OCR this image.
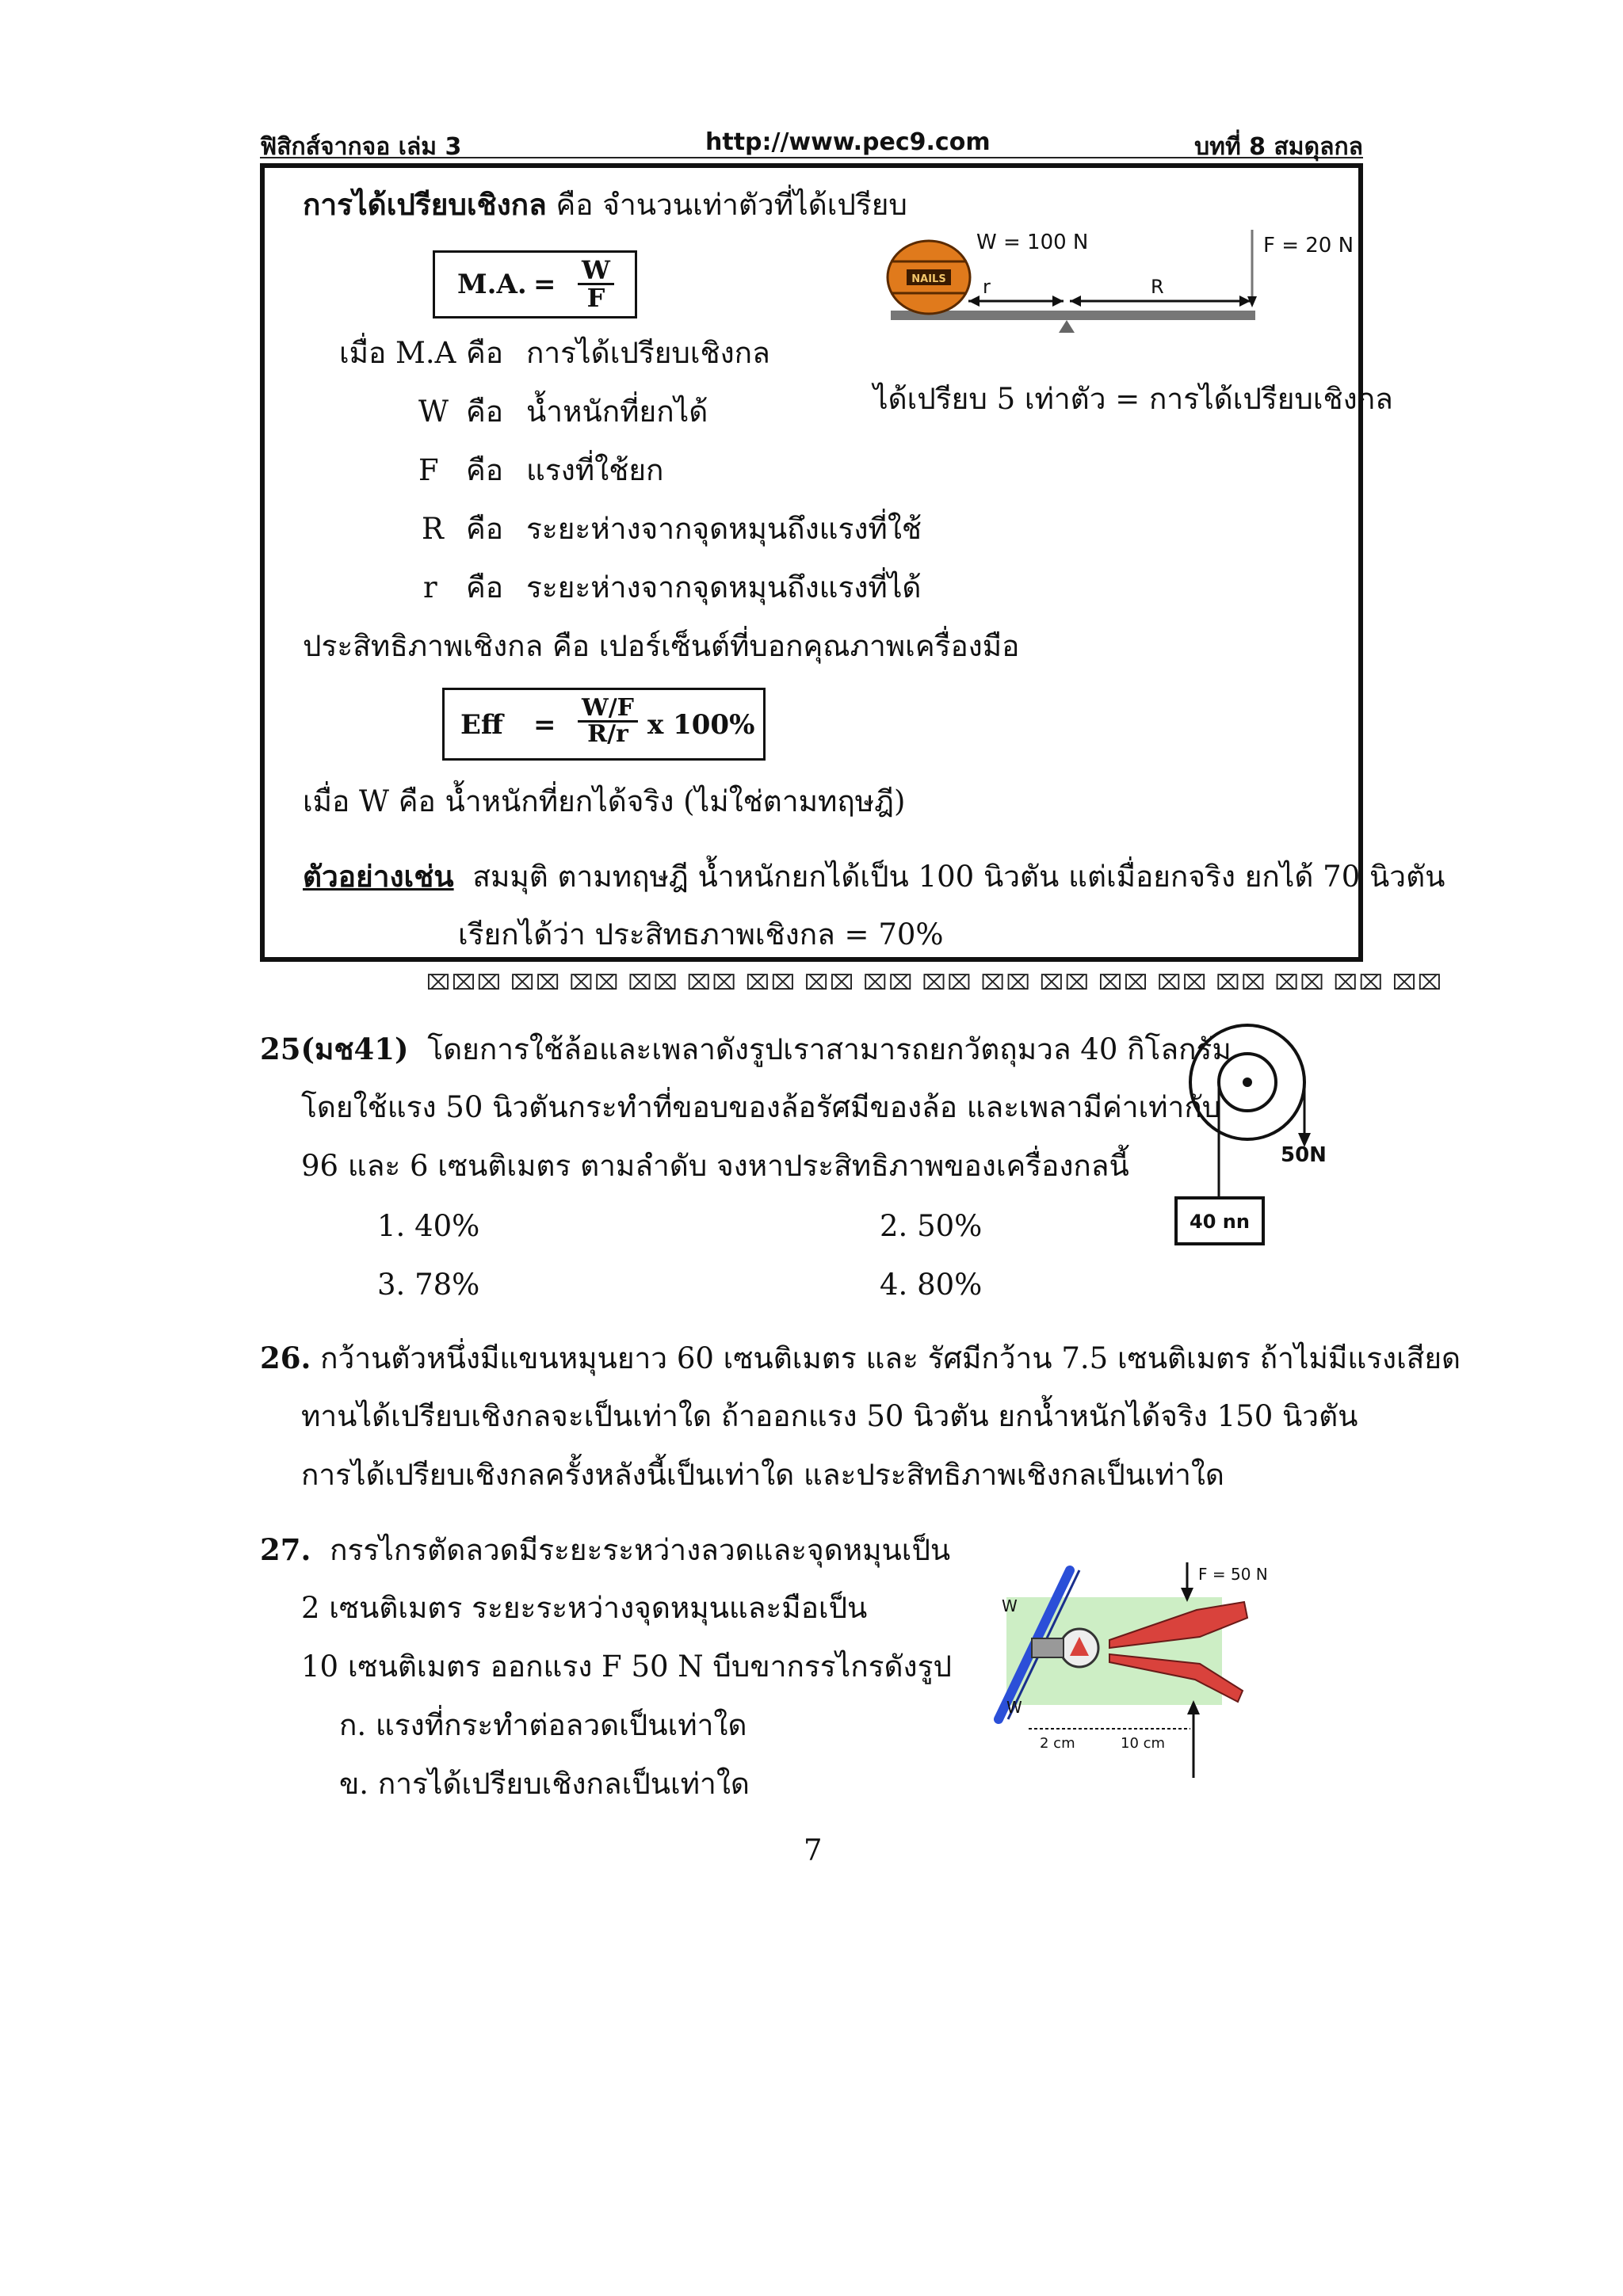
ฟิสิกส์จากจอ เล่ม 3	http://www.pec9.com	บทที่ 8 สมดุลกล
การได้เปรียบเชิงกล คือ จำนวนเท่าตัวที่ได้เปรียบ
M.A. = $\frac{W}{F}$
เมื่อ M.A คือ การได้เปรียบเชิงกล
W คือ น้ำหนักที่ยกได้
F คือ แรงที่ใช้ยก
R คือ ระยะห่างจากจุดหมุนถึงแรงที่ใช้
r คือ ระยะห่างจากจุดหมุนถึงแรงที่ได้
NAILS
W = 100 N
r	R
F = 20 N
ได้เปรียบ 5 เท่าตัว = การได้เปรียบเชิงกล
ประสิทธิภาพเชิงกล คือ เปอร์เซ็นต์ที่บอกคุณภาพเครื่องมือ
Eff = $\frac{W/F}{R/r}$ x 100%
เมื่อ W คือ น้ำหนักที่ยกได้จริง (ไม่ใช่ตามทฤษฎี)
ตัวอย่างเช่น สมมุติ ตามทฤษฎี น้ำหนักยกได้เป็น 100 นิวตัน แต่เมื่อยกจริง ยกได้ 70 นิวตัน
เรียกได้ว่า ประสิทธภาพเชิงกล = 70%
⌧⌧⌧ ⌧⌧ ⌧⌧ ⌧⌧ ⌧⌧ ⌧⌧ ⌧⌧ ⌧⌧ ⌧⌧ ⌧⌧ ⌧⌧ ⌧⌧ ⌧⌧ ⌧⌧ ⌧⌧ ⌧⌧ ⌧⌧
25(มช41) โดยการใช้ล้อและเพลาดังรูปเราสามารถยกวัตถุมวล 40 กิโลกรัม
โดยใช้แรง 50 นิวตันกระทำที่ขอบของล้อรัศมีของล้อ และเพลามีค่าเท่ากับ
96 และ 6 เซนติเมตร ตามลำดับ จงหาประสิทธิภาพของเครื่องกลนี้
1. 40%	2. 50%
3. 78%	4. 80%
50N
40 nn
26. กว้านตัวหนึ่งมีแขนหมุนยาว 60 เซนติเมตร และ รัศมีกว้าน 7.5 เซนติเมตร ถ้าไม่มีแรงเสียด
ทานได้เปรียบเชิงกลจะเป็นเท่าใด ถ้าออกแรง 50 นิวตัน ยกน้ำหนักได้จริง 150 นิวตัน
การได้เปรียบเชิงกลครั้งหลังนี้เป็นเท่าใด และประสิทธิภาพเชิงกลเป็นเท่าใด
27. กรรไกรตัดลวดมีระยะระหว่างลวดและจุดหมุนเป็น
2 เซนติเมตร ระยะระหว่างจุดหมุนและมือเป็น
10 เซนติเมตร ออกแรง F 50 N บีบขากรรไกรดังรูป
ก. แรงที่กระทำต่อลวดเป็นเท่าใด
ข. การได้เปรียบเชิงกลเป็นเท่าใด
W
W
F = 50 N
2 cm	10 cm
7
